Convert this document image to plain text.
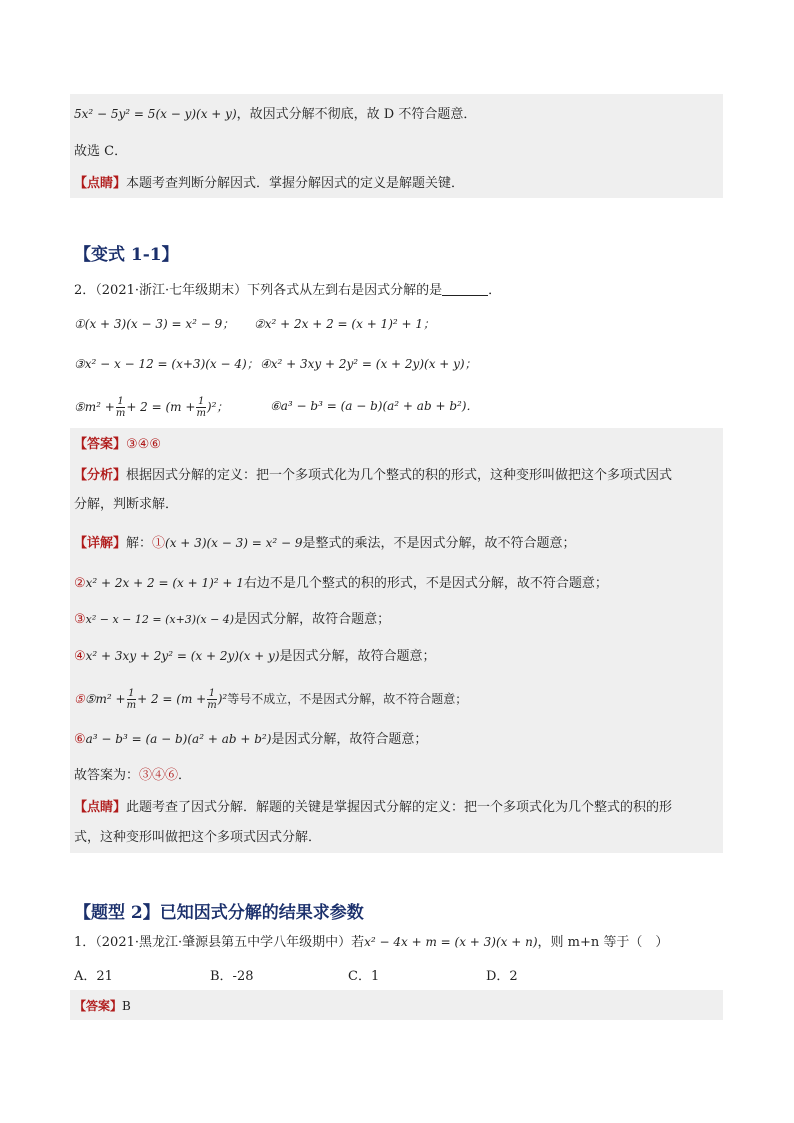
5x² − 5y² = 5(x − y)(x + y)，故因式分解不彻底，故 D 不符合题意．
故选 C．
【点睛】本题考查判断分解因式．掌握分解因式的定义是解题关键．
【变式 1-1】
2．（2021·浙江·七年级期末）下列各式从左到右是因式分解的是	．
①(x + 3)(x − 3) = x² − 9； ②x² + 2x + 2 = (x + 1)² + 1；
③x² − x − 12 = (x+3)(x − 4)； ④x² + 3xy + 2y² = (x + 2y)(x + y)；
⑤m² + $\frac{1}{m} + 2 = (m + \frac{1}{m} )^2$；	⑥a³ − b³ = (a − b)(a² + ab + b²)．
【答案】③④⑥
【分析】根据因式分解的定义：把一个多项式化为几个整式的积的形式，这种变形叫做把这个多项式因式
分解，判断求解．
【详解】解：①(x + 3)(x − 3) = x² − 9是整式的乘法，不是因式分解，故不符合题意；
②x² + 2x + 2 = (x + 1)² + 1右边不是几个整式的积的形式，不是因式分解，故不符合题意；
③x² − x − 12 = (x+3)(x − 4)是因式分解，故符合题意；
④x² + 3xy + 2y² = (x + 2y)(x + y)是因式分解，故符合题意；
⑤⑤m² + $\frac{1}{m} + 2 = (m + \frac{1}{m} )^2$等号不成立，不是因式分解，故不符合题意；
⑥a³ − b³ = (a − b)(a² + ab + b²)是因式分解，故符合题意；
故答案为：③④⑥．
【点睛】此题考查了因式分解．解题的关键是掌握因式分解的定义：把一个多项式化为几个整式的积的形
式，这种变形叫做把这个多项式因式分解．
【题型 2】已知因式分解的结果求参数
1．（2021·黑龙江·肇源县第五中学八年级期中）若x² − 4x + m = (x + 3)(x + n)，则 m+n 等于（　）
A．21	B．-28	C．1	D．2
【答案】B
